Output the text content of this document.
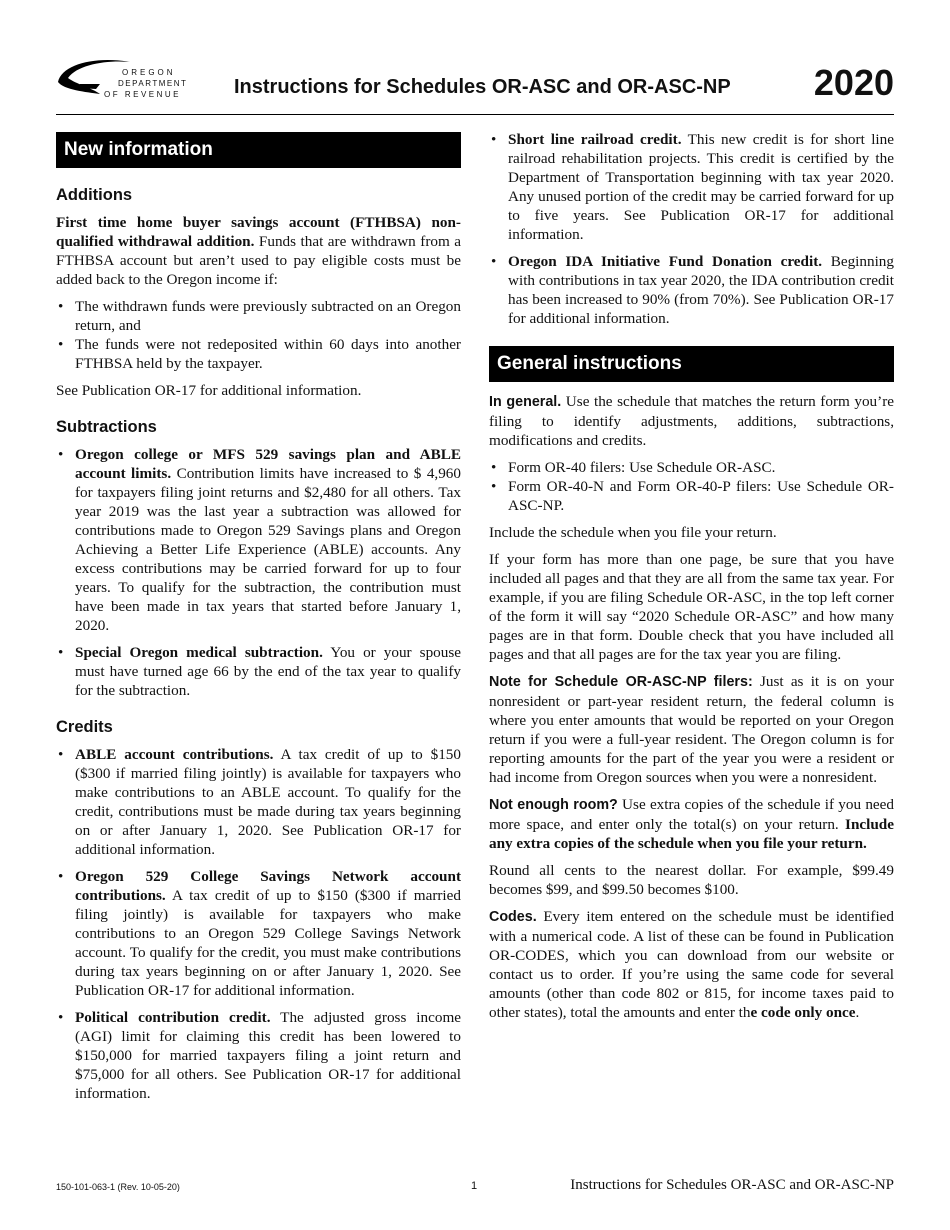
OREGON
DEPARTMENT
OF REVENUE	Instructions for Schedules OR-ASC and OR-ASC-NP 2020
New information
Additions

First time home buyer savings account (FTHBSA) non-qualified withdrawal addition. Funds that are withdrawn from a FTHBSA account but aren’t used to pay eligible costs must be added back to the Oregon income if:

• The withdrawn funds were previously subtracted on an Oregon return, and
• The funds were not redeposited within 60 days into another FTHBSA held by the taxpayer.

See Publication OR-17 for additional information.

Subtractions
• Oregon college or MFS 529 savings plan and ABLE account limits. Contribution limits have increased to $ 4,960 for taxpayers filing joint returns and $2,480 for all others. Tax year 2019 was the last year a subtraction was allowed for contributions made to Oregon 529 Savings plans and Oregon Achieving a Better Life Experience (ABLE) accounts. Any excess contributions may be carried forward for up to four years. To qualify for the subtraction, the contribution must have been made in tax years that started before January 1, 2020.
• Special Oregon medical subtraction. You or your spouse must have turned age 66 by the end of the tax year to qualify for the subtraction.
Credits
• ABLE account contributions. A tax credit of up to $150 ($300 if married filing jointly) is available for taxpayers who make contributions to an ABLE account. To qualify for the credit, contributions must be made during tax years beginning on or after January 1, 2020. See Publication OR-17 for additional information.
• Oregon 529 College Savings Network account contributions. A tax credit of up to $150 ($300 if married filing jointly) is available for taxpayers who make contributions to an Oregon 529 College Savings Network account. To qualify for the credit, you must make contributions during tax years beginning on or after January 1, 2020. See Publication OR-17 for additional information.
• Political contribution credit. The adjusted gross income (AGI) limit for claiming this credit has been lowered to $150,000 for married taxpayers filing a joint return and $75,000 for all others. See Publication OR-17 for additional information.
• Short line railroad credit. This new credit is for short line railroad rehabilitation projects. This credit is certified by the Department of Transportation beginning with tax year 2020. Any unused portion of the credit may be carried forward for up to five years. See Publication OR-17 for additional information.
• Oregon IDA Initiative Fund Donation credit. Beginning with contributions in tax year 2020, the IDA contribution credit has been increased to 90% (from 70%). See Publication OR-17 for additional information.
General instructions

In general. Use the schedule that matches the return form you’re filing to identify adjustments, additions, subtractions, modifications and credits.

• Form OR-40 filers: Use Schedule OR-ASC.
• Form OR-40-N and Form OR-40-P filers: Use Schedule OR-ASC-NP.

Include the schedule when you file your return.

If your form has more than one page, be sure that you have included all pages and that they are all from the same tax year. For example, if you are filing Schedule OR-ASC, in the top left corner of the form it will say “2020 Schedule OR-ASC” and how many pages are in that form. Double check that you have included all pages and that all pages are for the tax year you are filing.

Note for Schedule OR-ASC-NP filers: Just as it is on your nonresident or part-year resident return, the federal column is where you enter amounts that would be reported on your Oregon return if you were a full-year resident. The Oregon column is for reporting amounts for the part of the year you were a resident or had income from Oregon sources when you were a nonresident.

Not enough room? Use extra copies of the schedule if you need more space, and enter only the total(s) on your return. Include any extra copies of the schedule when you file your return.

Round all cents to the nearest dollar. For example, $99.49 becomes $99, and $99.50 becomes $100.

Codes. Every item entered on the schedule must be identified with a numerical code. A list of these can be found in Publication OR-CODES, which you can download from our website or contact us to order. If you’re using the same code for several amounts (other than code 802 or 815, for income taxes paid to other states), total the amounts and enter the code only once.

150-101-063-1 (Rev. 10-05-20)	1	Instructions for Schedules OR-ASC and OR-ASC-NP
